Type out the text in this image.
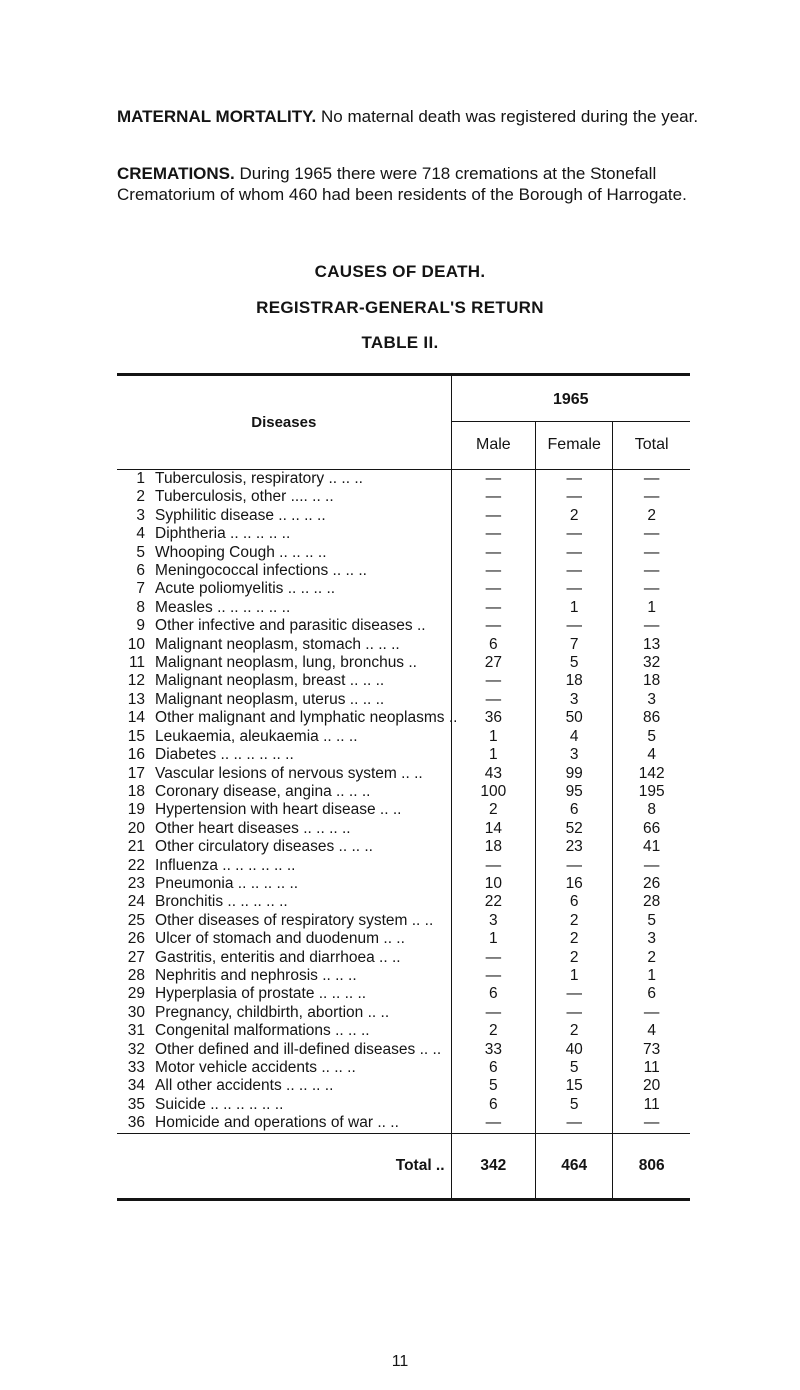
MATERNAL MORTALITY. No maternal death was registered during the year.

CREMATIONS. During 1965 there were 718 cremations at the Stonefall Crematorium of whom 460 had been residents of the Borough of Harrogate.

CAUSES OF DEATH.

REGISTRAR-GENERAL'S RETURN

TABLE II.

Diseases		1965		
		Male	Female	Total
1	Tuberculosis, respiratory .. .. ..	—	—	—
2	Tuberculosis, other .... .. ..	—	—	—
3	Syphilitic disease .. .. .. ..	—	2	2
4	Diphtheria .. .. .. .. ..	—	—	—
5	Whooping Cough .. .. .. ..	—	—	—
6	Meningococcal infections .. .. ..	—	—	—
7	Acute poliomyelitis .. .. .. ..	—	—	—
8	Measles .. .. .. .. .. ..	—	1	1
9	Other infective and parasitic diseases ..	—	—	—
10	Malignant neoplasm, stomach .. .. ..	6	7	13
11	Malignant neoplasm, lung, bronchus ..	27	5	32
12	Malignant neoplasm, breast .. .. ..	—	18	18
13	Malignant neoplasm, uterus .. .. ..	—	3	3
14	Other malignant and lymphatic neoplasms ..	36	50	86
15	Leukaemia, aleukaemia .. .. ..	1	4	5
16	Diabetes .. .. .. .. .. ..	1	3	4
17	Vascular lesions of nervous system .. ..	43	99	142
18	Coronary disease, angina .. .. ..	100	95	195
19	Hypertension with heart disease .. ..	2	6	8
20	Other heart diseases .. .. .. ..	14	52	66
21	Other circulatory diseases .. .. ..	18	23	41
22	Influenza .. .. .. .. .. ..	—	—	—
23	Pneumonia .. .. .. .. ..	10	16	26
24	Bronchitis .. .. .. .. ..	22	6	28
25	Other diseases of respiratory system .. ..	3	2	5
26	Ulcer of stomach and duodenum .. ..	1	2	3
27	Gastritis, enteritis and diarrhoea .. ..	—	2	2
28	Nephritis and nephrosis .. .. ..	—	1	1
29	Hyperplasia of prostate .. .. .. ..	6	—	6
30	Pregnancy, childbirth, abortion .. ..	—	—	—
31	Congenital malformations .. .. ..	2	2	4
32	Other defined and ill-defined diseases .. ..	33	40	73
33	Motor vehicle accidents .. .. ..	6	5	11
34	All other accidents .. .. .. ..	5	15	20
35	Suicide .. .. .. .. .. ..	6	5	11
36	Homicide and operations of war .. ..	—	—	—
Total ..		342	464	806
11
